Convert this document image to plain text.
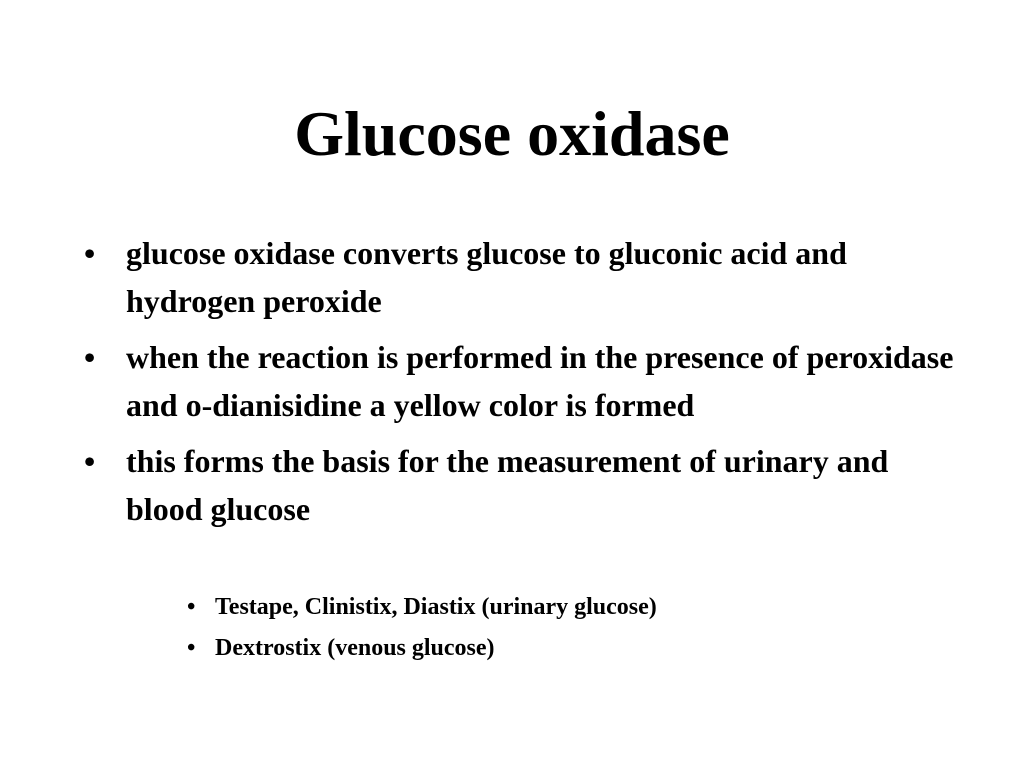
Glucose oxidase
• glucose oxidase converts glucose to gluconic acid and hydrogen peroxide
• when the reaction is performed in the presence of peroxidase and o-dianisidine a yellow color is formed
• this forms the basis for the measurement of urinary and blood glucose
• Testape, Clinistix, Diastix (urinary glucose)
• Dextrostix (venous glucose)
